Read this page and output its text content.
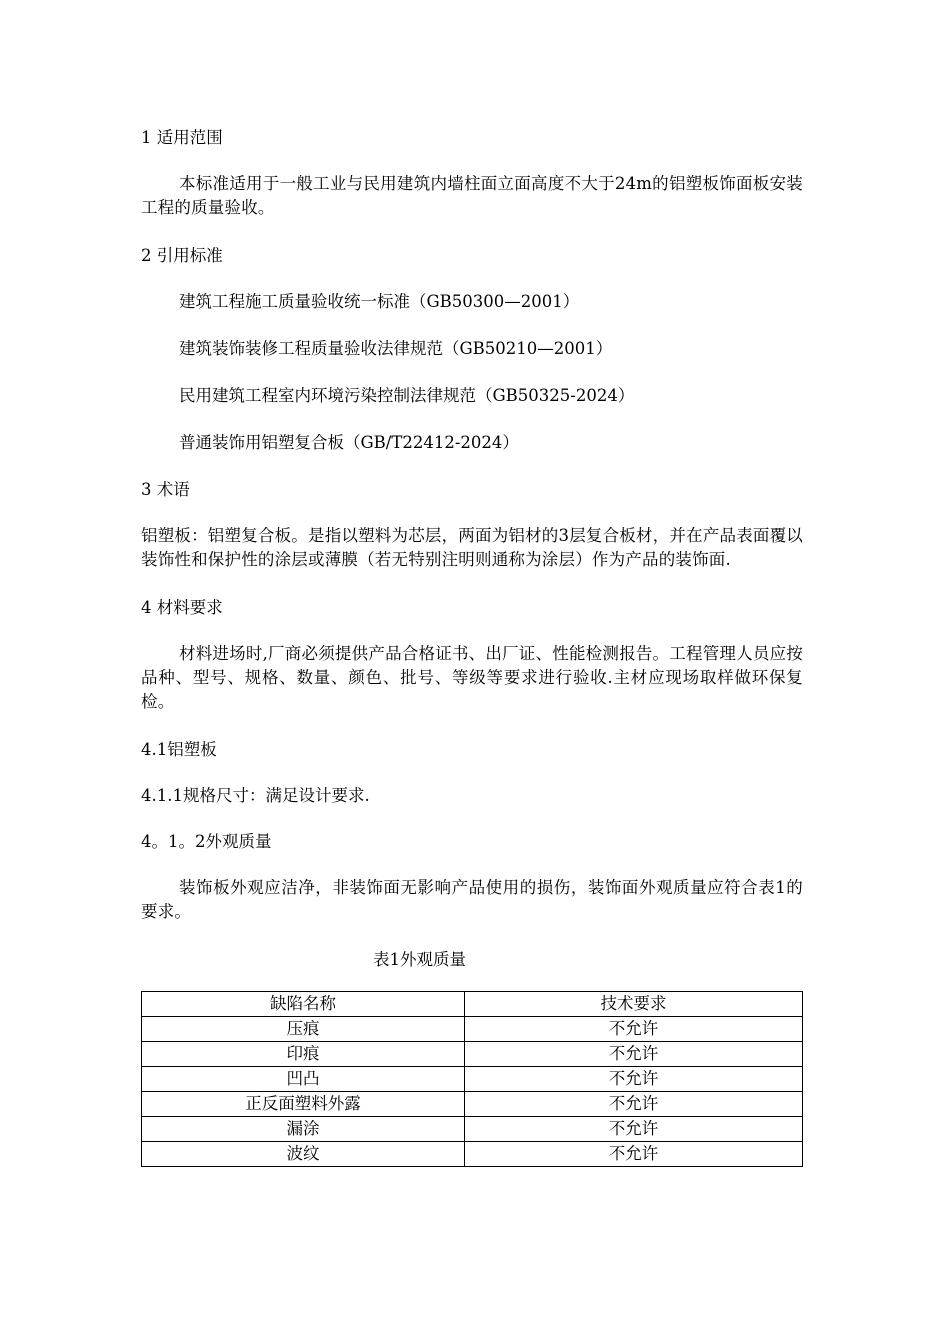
1 适用范围
本标准适用于一般工业与民用建筑内墙柱面立面高度不大于24m的铝塑板饰面板安装工程的质量验收。
2 引用标准
建筑工程施工质量验收统一标准（GB50300—2001）
建筑装饰装修工程质量验收法律规范（GB50210—2001）
民用建筑工程室内环境污染控制法律规范（GB50325-2024）
普通装饰用铝塑复合板（GB/T22412-2024）
3 术语
铝塑板：铝塑复合板。是指以塑料为芯层，两面为铝材的3层复合板材，并在产品表面覆以装饰性和保护性的涂层或薄膜（若无特别注明则通称为涂层）作为产品的装饰面.
4 材料要求
材料进场时,厂商必须提供产品合格证书、出厂证、性能检测报告。工程管理人员应按品种、型号、规格、数量、颜色、批号、等级等要求进行验收.主材应现场取样做环保复检。
4.1铝塑板
4.1.1规格尺寸：满足设计要求.
4。1。2外观质量
装饰板外观应洁净，非装饰面无影响产品使用的损伤，装饰面外观质量应符合表1的要求。
表1外观质量
缺陷名称	技术要求
压痕	不允许
印痕	不允许
凹凸	不允许
正反面塑料外露	不允许
漏涂	不允许
波纹	不允许
